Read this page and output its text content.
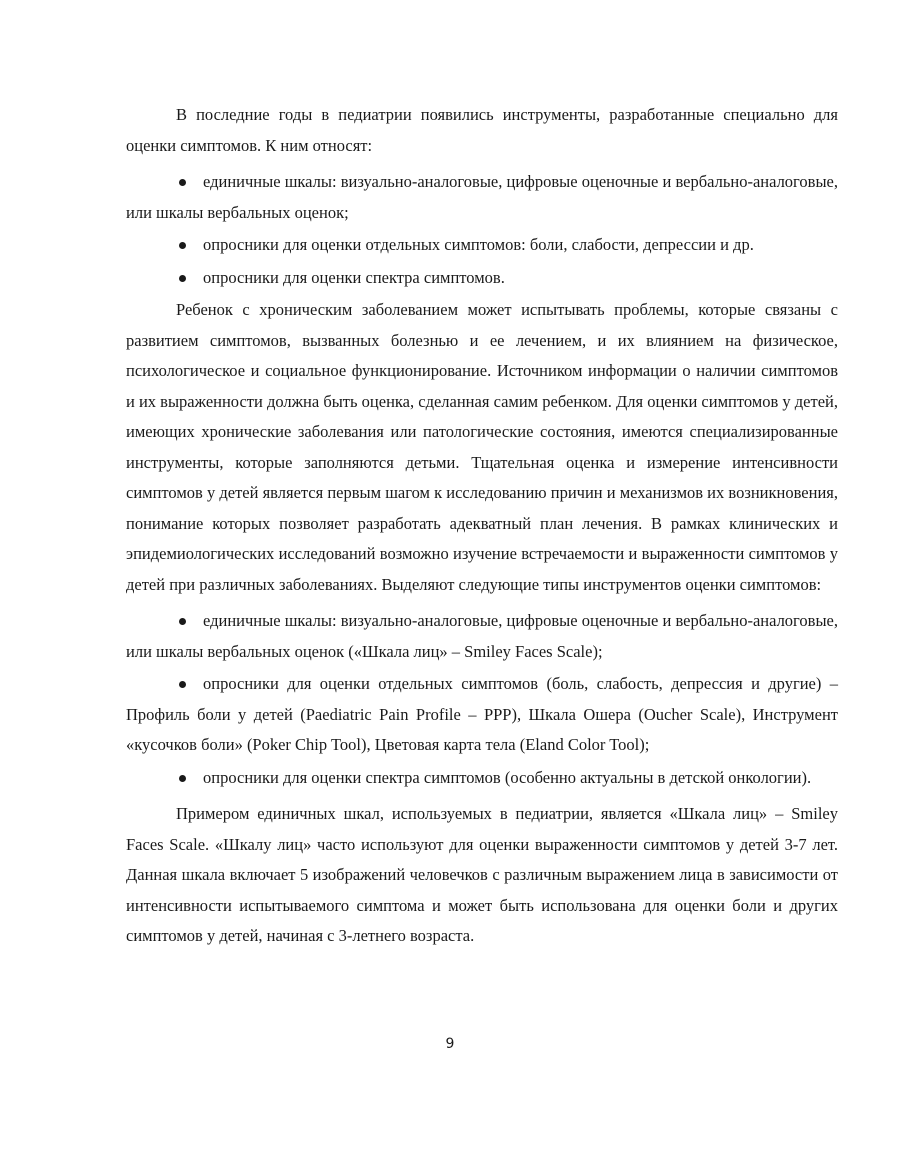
В последние годы в педиатрии появились инструменты, разработанные специально для оценки симптомов. К ним относят:

единичные шкалы: визуально-аналоговые, цифровые оценочные и вербально-аналоговые, или шкалы вербальных оценок;
опросники для оценки отдельных симптомов: боли, слабости, депрессии и др.
опросники для оценки спектра симптомов.

Ребенок с хроническим заболеванием может испытывать проблемы, которые связаны с развитием симптомов, вызванных болезнью и ее лечением, и их влиянием на физическое, психологическое и социальное функционирование. Источником информации о наличии симптомов и их выраженности должна быть оценка, сделанная самим ребенком. Для оценки симптомов у детей, имеющих хронические заболевания или патологические состояния, имеются специализированные инструменты, которые заполняются детьми. Тщательная оценка и измерение интенсивности симптомов у детей является первым шагом к исследованию причин и механизмов их возникновения, понимание которых позволяет разработать адекватный план лечения. В рамках клинических и эпидемиологических исследований возможно изучение встречаемости и выраженности симптомов у детей при различных заболеваниях. Выделяют следующие типы инструментов оценки симптомов:

единичные шкалы: визуально-аналоговые, цифровые оценочные и вербально-аналоговые, или шкалы вербальных оценок («Шкала лиц» – Smiley Faces Scale);
опросники для оценки отдельных симптомов (боль, слабость, депрессия и другие) – Профиль боли у детей (Paediatric Pain Profile – PPP), Шкала Ошера (Oucher Scale), Инструмент «кусочков боли» (Poker Chip Tool), Цветовая карта тела (Eland Color Tool);
опросники для оценки спектра симптомов (особенно актуальны в детской онкологии).

Примером единичных шкал, используемых в педиатрии, является «Шкала лиц» – Smiley Faces Scale. «Шкалу лиц» часто используют для оценки выраженности симптомов у детей 3-7 лет. Данная шкала включает 5 изображений человечков с различным выражением лица в зависимости от интенсивности испытываемого симптома и может быть использована для оценки боли и других симптомов у детей, начиная с 3-летнего возраста.

9
